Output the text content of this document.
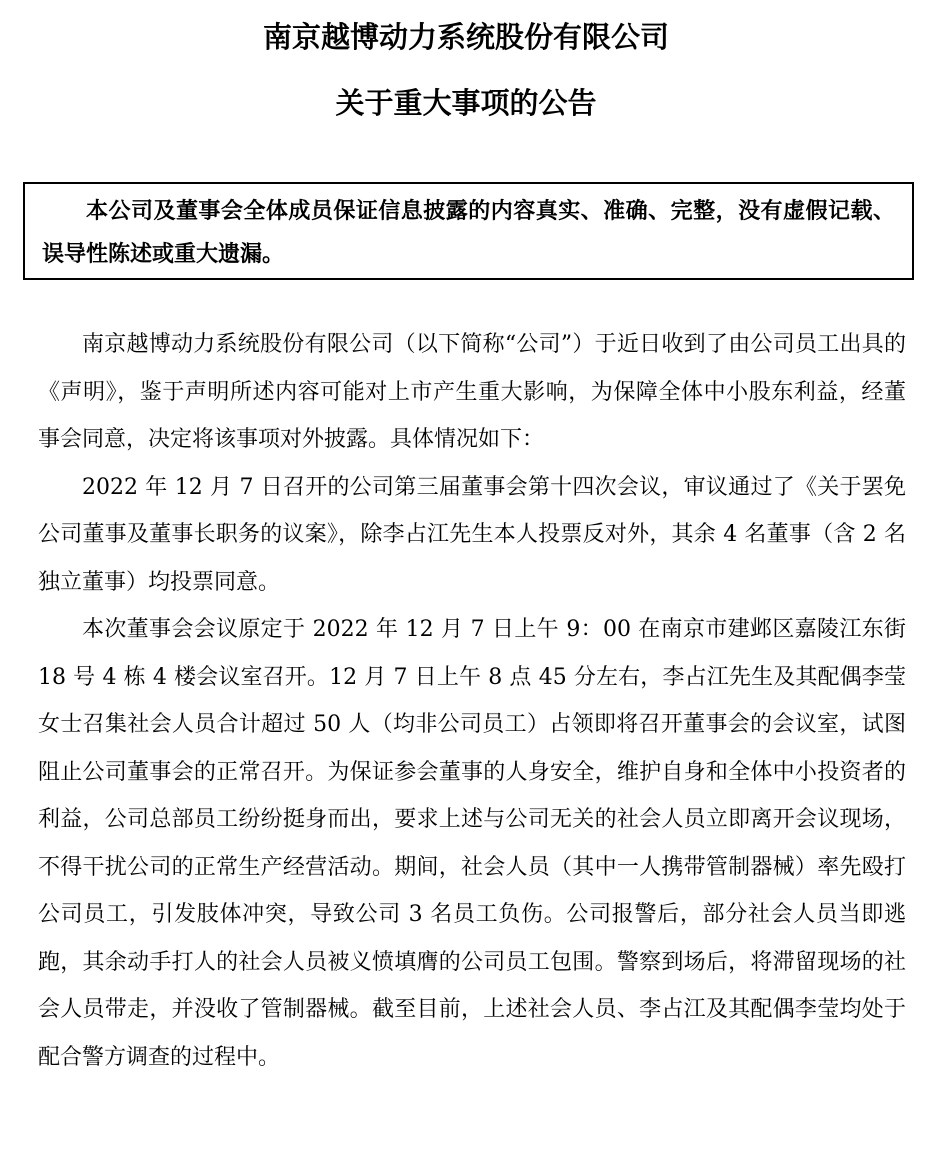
南京越博动力系统股份有限公司
关于重大事项的公告

本公司及董事会全体成员保证信息披露的内容真实、准确、完整，没有虚假记载、误导性陈述或重大遗漏。

南京越博动力系统股份有限公司（以下简称“公司”）于近日收到了由公司员工出具的《声明》，鉴于声明所述内容可能对上市产生重大影响，为保障全体中小股东利益，经董事会同意，决定将该事项对外披露。具体情况如下：

2022 年 12 月 7 日召开的公司第三届董事会第十四次会议，审议通过了《关于罢免公司董事及董事长职务的议案》，除李占江先生本人投票反对外，其余 4 名董事（含 2 名独立董事）均投票同意。

本次董事会会议原定于 2022 年 12 月 7 日上午 9：00 在南京市建邺区嘉陵江东街 18 号 4 栋 4 楼会议室召开。12 月 7 日上午 8 点 45 分左右，李占江先生及其配偶李莹女士召集社会人员合计超过 50 人（均非公司员工）占领即将召开董事会的会议室，试图阻止公司董事会的正常召开。为保证参会董事的人身安全，维护自身和全体中小投资者的利益，公司总部员工纷纷挺身而出，要求上述与公司无关的社会人员立即离开会议现场，不得干扰公司的正常生产经营活动。期间，社会人员（其中一人携带管制器械）率先殴打公司员工，引发肢体冲突，导致公司 3 名员工负伤。公司报警后，部分社会人员当即逃跑，其余动手打人的社会人员被义愤填膺的公司员工包围。警察到场后，将滞留现场的社会人员带走，并没收了管制器械。截至目前，上述社会人员、李占江及其配偶李莹均处于配合警方调查的过程中。
